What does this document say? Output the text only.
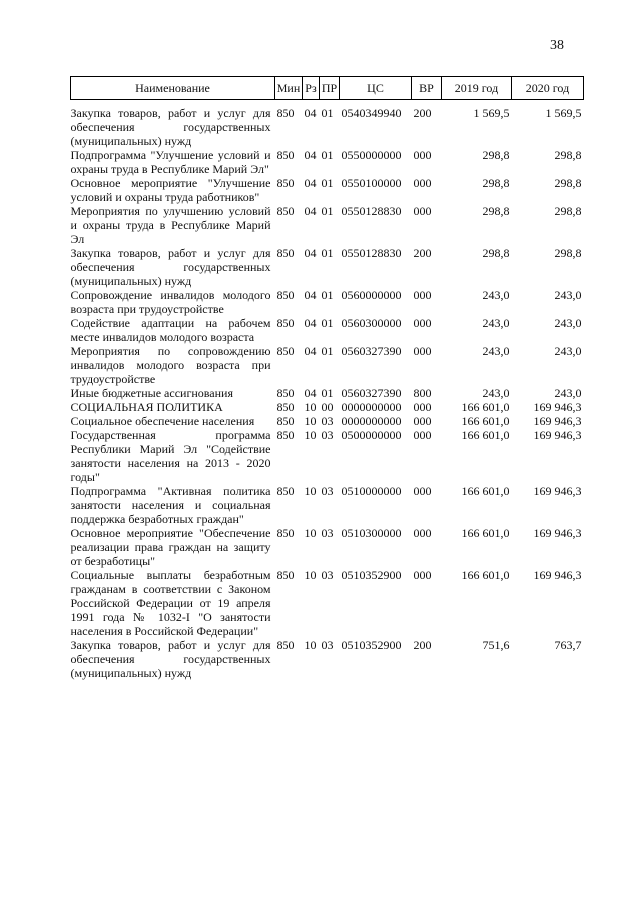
38
Наименование	Мин	Рз	ПР	ЦС	ВР	2019 год	2020 год

Закупка товаров, работ и услуг для обеспечения государственных (муниципальных) нужд	850	04	01	0540349940	200	1 569,5	1 569,5
Подпрограмма "Улучшение условий и охраны труда в Республике Марий Эл"	850	04	01	0550000000	000	298,8	298,8
Основное мероприятие "Улучшение условий и охраны труда работников"	850	04	01	0550100000	000	298,8	298,8
Мероприятия по улучшению условий и охраны труда в Республике Марий Эл	850	04	01	0550128830	000	298,8	298,8
Закупка товаров, работ и услуг для обеспечения государственных (муниципальных) нужд	850	04	01	0550128830	200	298,8	298,8
Сопровождение инвалидов молодого возраста при трудоустройстве	850	04	01	0560000000	000	243,0	243,0
Содействие адаптации на рабочем месте инвалидов молодого возраста	850	04	01	0560300000	000	243,0	243,0
Мероприятия по сопровождению инвалидов молодого возраста при трудоустройстве	850	04	01	0560327390	000	243,0	243,0
Иные бюджетные ассигнования	850	04	01	0560327390	800	243,0	243,0
СОЦИАЛЬНАЯ ПОЛИТИКА	850	10	00	0000000000	000	166 601,0	169 946,3
Социальное обеспечение населения	850	10	03	0000000000	000	166 601,0	169 946,3
Государственная программа Республики Марий Эл "Содействие занятости населения на 2013 - 2020 годы"	850	10	03	0500000000	000	166 601,0	169 946,3
Подпрограмма "Активная политика занятости населения и социальная поддержка безработных граждан"	850	10	03	0510000000	000	166 601,0	169 946,3
Основное мероприятие "Обеспечение реализации права граждан на защиту от безработицы"	850	10	03	0510300000	000	166 601,0	169 946,3
Социальные выплаты безработным гражданам в соответствии с Законом Российской Федерации от 19 апреля 1991 года № 1032-I "О занятости населения в Российской Федерации"	850	10	03	0510352900	000	166 601,0	169 946,3
Закупка товаров, работ и услуг для обеспечения государственных (муниципальных) нужд	850	10	03	0510352900	200	751,6	763,7
